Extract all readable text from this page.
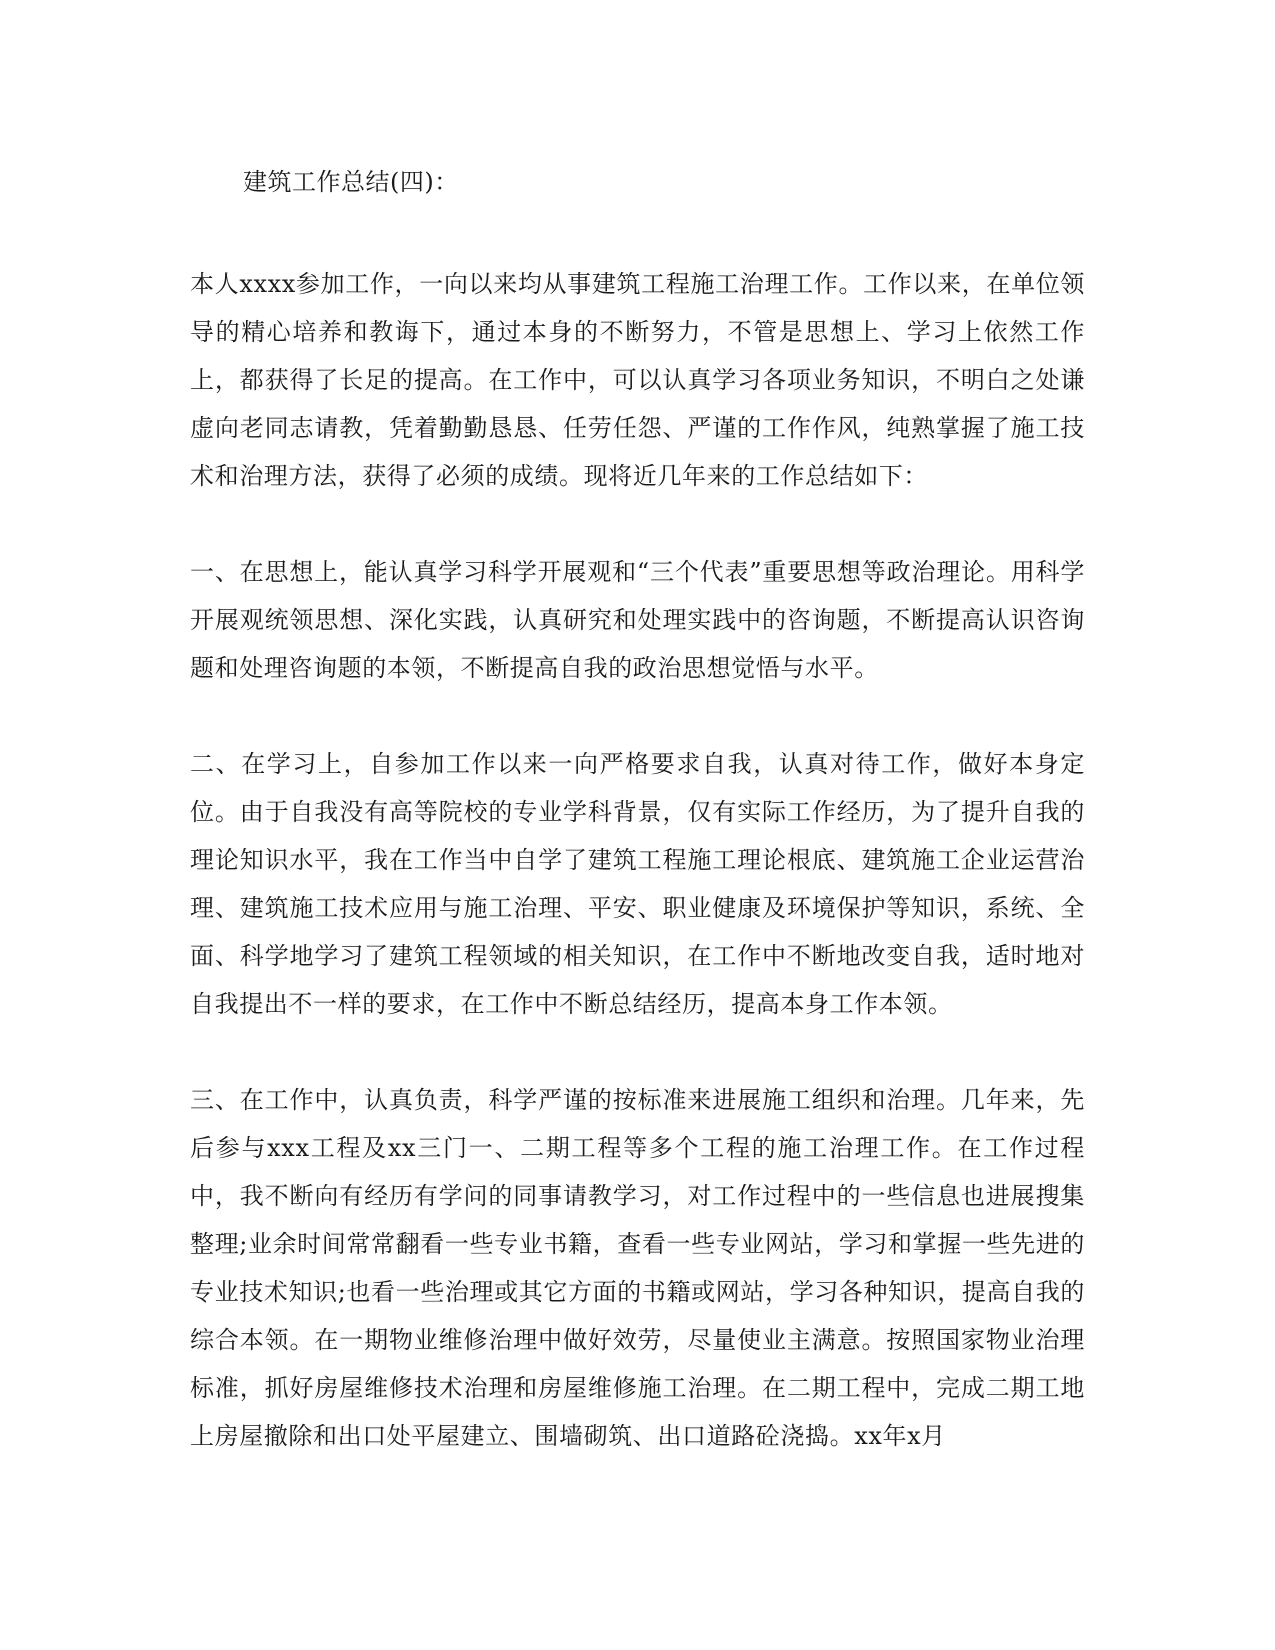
建筑工作总结(四)：

本人xxxx参加工作，一向以来均从事建筑工程施工治理工作。工作以来，在单位领导的精心培养和教诲下，通过本身的不断努力，不管是思想上、学习上依然工作上，都获得了长足的提高。在工作中，可以认真学习各项业务知识，不明白之处谦虚向老同志请教，凭着勤勤恳恳、任劳任怨、严谨的工作作风，纯熟掌握了施工技术和治理方法，获得了必须的成绩。现将近几年来的工作总结如下：

一、在思想上，能认真学习科学开展观和“三个代表”重要思想等政治理论。用科学开展观统领思想、深化实践，认真研究和处理实践中的咨询题，不断提高认识咨询题和处理咨询题的本领，不断提高自我的政治思想觉悟与水平。

二、在学习上，自参加工作以来一向严格要求自我，认真对待工作，做好本身定位。由于自我没有高等院校的专业学科背景，仅有实际工作经历，为了提升自我的理论知识水平，我在工作当中自学了建筑工程施工理论根底、建筑施工企业运营治理、建筑施工技术应用与施工治理、平安、职业健康及环境保护等知识，系统、全面、科学地学习了建筑工程领域的相关知识，在工作中不断地改变自我，适时地对自我提出不一样的要求，在工作中不断总结经历，提高本身工作本领。

三、在工作中，认真负责，科学严谨的按标准来进展施工组织和治理。几年来，先后参与xxx工程及xx三门一、二期工程等多个工程的施工治理工作。在工作过程中，我不断向有经历有学问的同事请教学习，对工作过程中的一些信息也进展搜集整理;业余时间常常翻看一些专业书籍，查看一些专业网站，学习和掌握一些先进的专业技术知识;也看一些治理或其它方面的书籍或网站，学习各种知识，提高自我的综合本领。在一期物业维修治理中做好效劳，尽量使业主满意。按照国家物业治理标准，抓好房屋维修技术治理和房屋维修施工治理。在二期工程中，完成二期工地上房屋撤除和出口处平屋建立、围墙砌筑、出口道路砼浇捣。xx年x月
